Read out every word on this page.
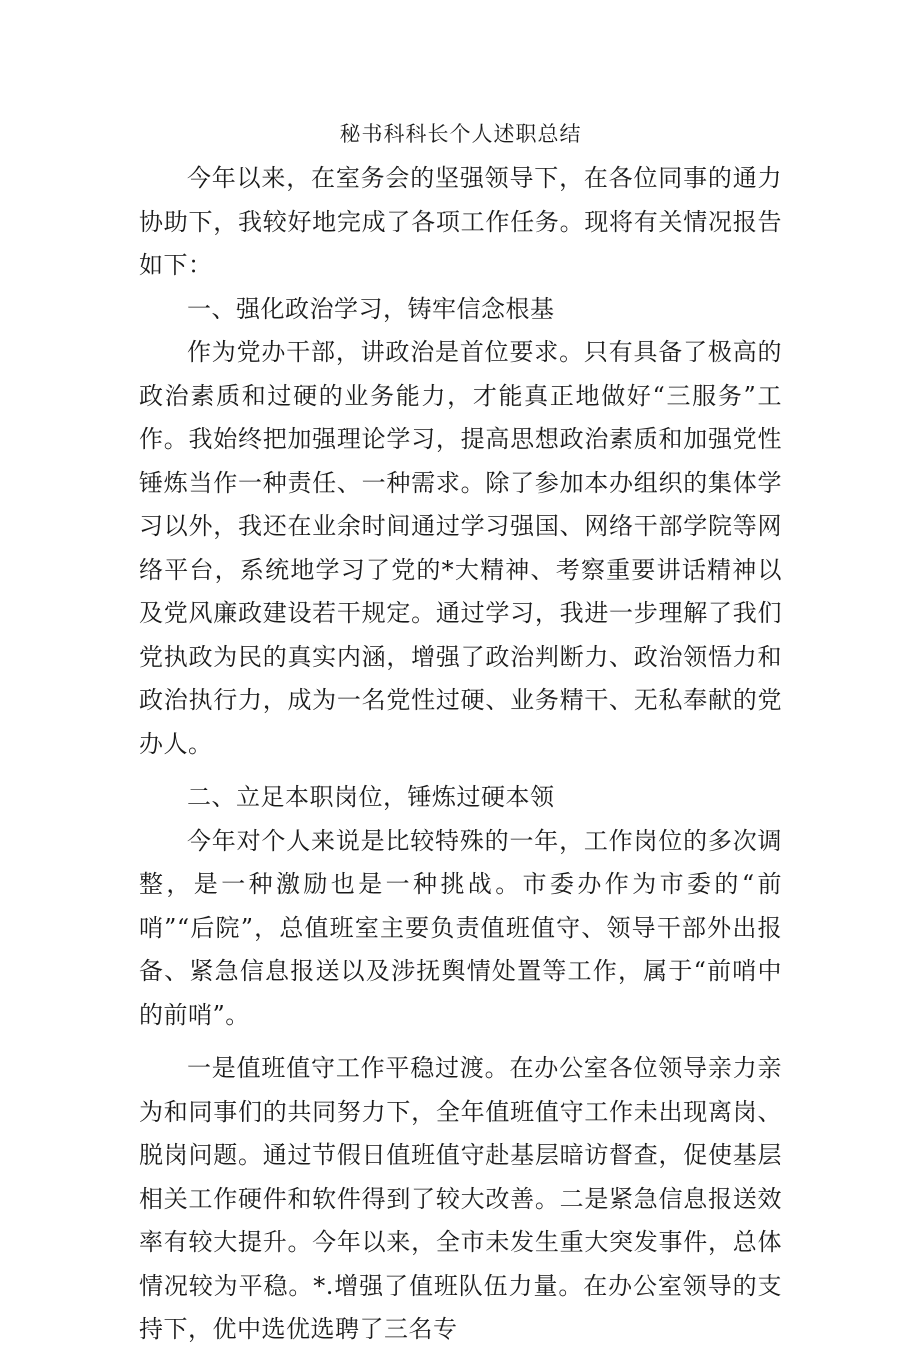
秘书科科长个人述职总结

今年以来，在室务会的坚强领导下，在各位同事的通力协助下，我较好地完成了各项工作任务。现将有关情况报告如下：

一、强化政治学习，铸牢信念根基

作为党办干部，讲政治是首位要求。只有具备了极高的政治素质和过硬的业务能力，才能真正地做好“三服务”工作。我始终把加强理论学习，提高思想政治素质和加强党性锤炼当作一种责任、一种需求。除了参加本办组织的集体学习以外，我还在业余时间通过学习强国、网络干部学院等网络平台，系统地学习了党的*大精神、考察重要讲话精神以及党风廉政建设若干规定。通过学习，我进一步理解了我们党执政为民的真实内涵，增强了政治判断力、政治领悟力和政治执行力，成为一名党性过硬、业务精干、无私奉献的党办人。

二、立足本职岗位，锤炼过硬本领

今年对个人来说是比较特殊的一年，工作岗位的多次调整，是一种激励也是一种挑战。市委办作为市委的“前哨”“后院”，总值班室主要负责值班值守、领导干部外出报备、紧急信息报送以及涉抚舆情处置等工作，属于“前哨中的前哨”。

一是值班值守工作平稳过渡。在办公室各位领导亲力亲为和同事们的共同努力下，全年值班值守工作未出现离岗、脱岗问题。通过节假日值班值守赴基层暗访督查，促使基层相关工作硬件和软件得到了较大改善。二是紧急信息报送效率有较大提升。今年以来，全市未发生重大突发事件，总体情况较为平稳。*.增强了值班队伍力量。在办公室领导的支持下，优中选优选聘了三名专
